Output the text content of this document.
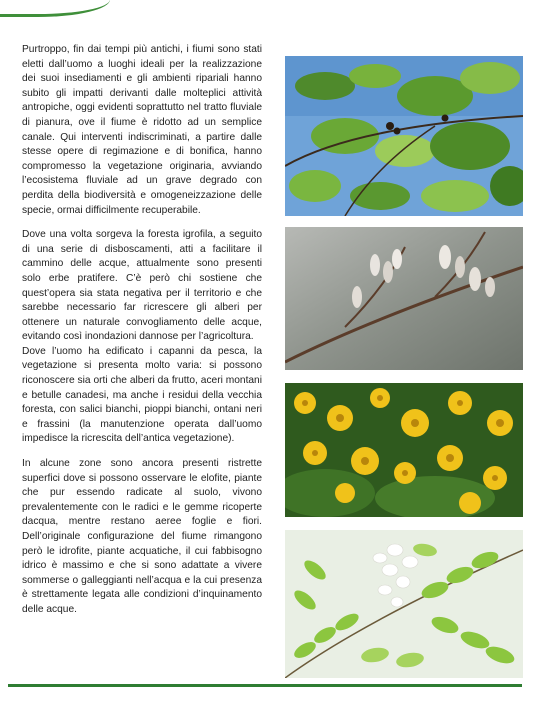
Purtroppo, fin dai tempi più antichi, i fiumi sono stati eletti dall’uomo a luoghi ideali per la realizzazione dei suoi insediamenti e gli ambienti ripariali hanno subito gli impatti derivanti dalle molteplici attività antropiche, oggi evidenti soprattutto nel tratto fluviale di pianura, ove il fiume è ridotto ad un semplice canale. Qui interventi indiscriminati, a partire dalle stesse opere di regimazione e di bonifica, hanno compromesso la vegetazione originaria, avviando l’ecosistema fluviale ad un grave degrado con perdita della biodiversità e omogeneizzazione delle specie, ormai difficilmente recuperabile.

Dove una volta sorgeva la foresta igrofila, a seguito di una serie di disboscamenti, atti a facilitare il cammino delle acque, attualmente sono presenti solo erbe pratifere. C’è però chi sostiene che quest’opera sia stata negativa per il territorio e che sarebbe necessario far ricrescere gli alberi per ottenere un naturale convogliamento delle acque, evitando così inondazioni dannose per l’agricoltura.

Dove l’uomo ha edificato i capanni da pesca, la vegetazione si presenta molto varia: si possono riconoscere sia orti che alberi da frutto, aceri montani e betulle canadesi, ma anche i residui della vecchia foresta, con salici bianchi, pioppi bianchi, ontani neri e frassini (la manutenzione operata dall’uomo impedisce la ricrescita dell’antica vegetazione).

In alcune zone sono ancora presenti ristrette superfici dove si possono osservare le elofite, piante che pur essendo radicate al suolo, vivono prevalentemente con le radici e le gemme ricoperte dacqua, mentre restano aeree foglie e fiori. Dell’originale configurazione del fiume rimangono però le idrofite, piante acquatiche, il cui fabbisogno idrico è massimo e che si sono adattate a vivere sommerse o galleggianti nell’acqua e la cui presenza è strettamente legata alle condizioni d’inquinamento delle acque.
